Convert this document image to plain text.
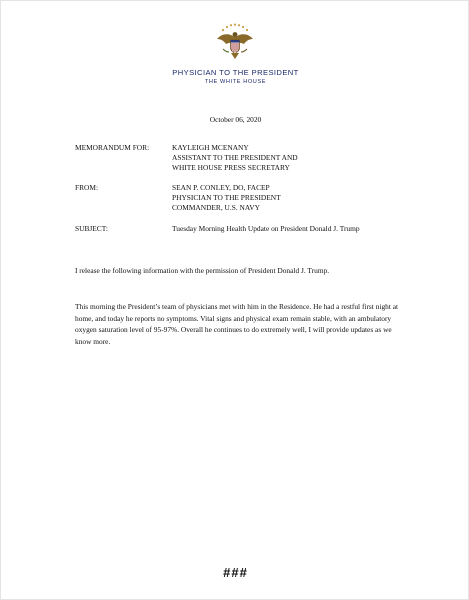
PHYSICIAN TO THE PRESIDENT
THE WHITE HOUSE
October 06, 2020
MEMORANDUM FOR:	KAYLEIGH MCENANY
ASSISTANT TO THE PRESIDENT AND
WHITE HOUSE PRESS SECRETARY
FROM:	SEAN P. CONLEY, DO, FACEP
PHYSICIAN TO THE PRESIDENT
COMMANDER, U.S. NAVY
SUBJECT:	Tuesday Morning Health Update on President Donald J. Trump
I release the following information with the permission of President Donald J. Trump.
This morning the President’s team of physicians met with him in the Residence. He had a restful first night at home, and today he reports no symptoms. Vital signs and physical exam remain stable, with an ambulatory oxygen saturation level of 95-97%. Overall he continues to do extremely well, I will provide updates as we know more.
###
